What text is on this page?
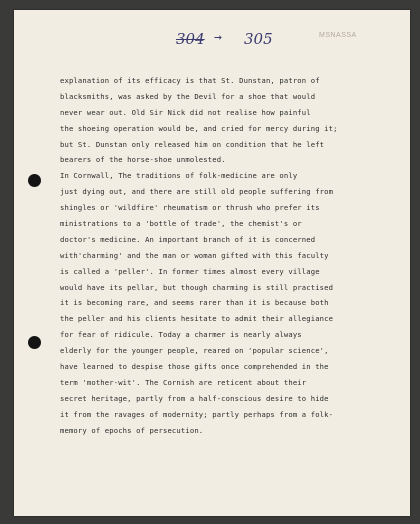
304 → 305	MSNASSA
explanation of its efficacy is that St. Dunstan, patron of
blacksmiths, was asked by the Devil for a shoe that would
never wear out. Old Sir Nick did not realise how painful
the shoeing operation would be, and cried for mercy during it;
but St. Dunstan only released him on condition that he left
bearers of the horse-shoe unmolested.
In Cornwall, The traditions of folk-medicine are only
just dying out, and there are still old people suffering from
shingles or 'wildfire' rheumatism or thrush who prefer its
ministrations to a 'bottle of trade', the chemist's or
doctor's medicine. An important branch of it is concerned
with'charming' and the man or woman gifted with this faculty
is called a 'peller'. In former times almost every village
would have its pellar, but though charming is still practised
it is becoming rare, and seems rarer than it is because both
the peller and his clients hesitate to admit their allegiance
for fear of ridicule. Today a charmer is nearly always
elderly for the younger people, reared on 'popular science',
have learned to despise those gifts once comprehended in the
term 'mother-wit'. The Cornish are reticent about their
secret heritage, partly from a half-conscious desire to hide
it from the ravages of modernity; partly perhaps from a folk-
memory of epochs of persecution.
